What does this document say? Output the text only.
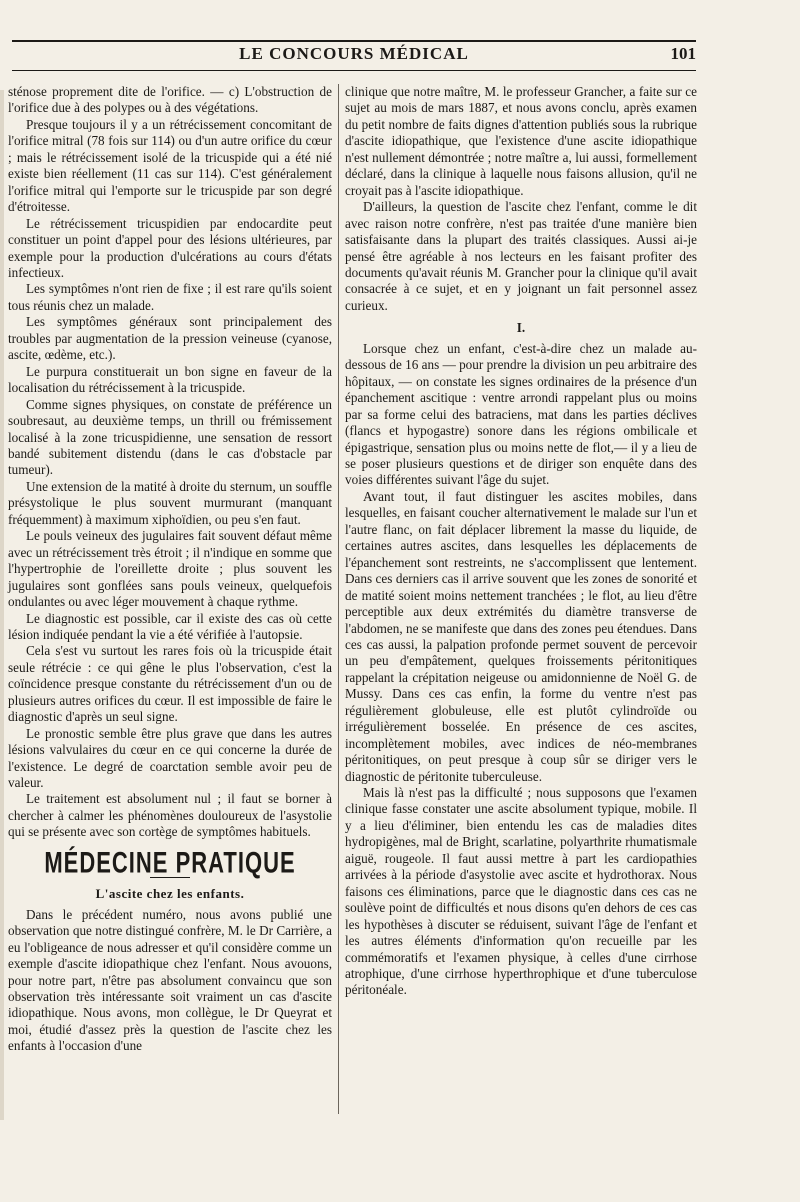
LE CONCOURS MÉDICAL	101

sténose proprement dite de l'orifice. — c) L'obstruction de l'orifice due à des polypes ou à des végétations.

Presque toujours il y a un rétrécissement concomitant de l'orifice mitral (78 fois sur 114) ou d'un autre orifice du cœur ; mais le rétrécissement isolé de la tricuspide qui a été nié existe bien réellement (11 cas sur 114). C'est généralement l'orifice mitral qui l'emporte sur le tricuspide par son degré d'étroitesse.

Le rétrécissement tricuspidien par endocardite peut constituer un point d'appel pour des lésions ultérieures, par exemple pour la production d'ulcérations au cours d'états infectieux.

Les symptômes n'ont rien de fixe ; il est rare qu'ils soient tous réunis chez un malade.

Les symptômes généraux sont principalement des troubles par augmentation de la pression veineuse (cyanose, ascite, œdème, etc.).

Le purpura constituerait un bon signe en faveur de la localisation du rétrécissement à la tricuspide.

Comme signes physiques, on constate de préférence un soubresaut, au deuxième temps, un thrill ou frémissement localisé à la zone tricuspidienne, une sensation de ressort bandé subitement distendu (dans le cas d'obstacle par tumeur).

Une extension de la matité à droite du sternum, un souffle présystolique le plus souvent murmurant (manquant fréquemment) à maximum xiphoïdien, ou peu s'en faut.

Le pouls veineux des jugulaires fait souvent défaut même avec un rétrécissement très étroit ; il n'indique en somme que l'hypertrophie de l'oreillette droite ; plus souvent les jugulaires sont gonflées sans pouls veineux, quelquefois ondulantes ou avec léger mouvement à chaque rythme.

Le diagnostic est possible, car il existe des cas où cette lésion indiquée pendant la vie a été vérifiée à l'autopsie.

Cela s'est vu surtout les rares fois où la tricuspide était seule rétrécie : ce qui gêne le plus l'observation, c'est la coïncidence presque constante du rétrécissement d'un ou de plusieurs autres orifices du cœur. Il est impossible de faire le diagnostic d'après un seul signe.

Le pronostic semble être plus grave que dans les autres lésions valvulaires du cœur en ce qui concerne la durée de l'existence. Le degré de coarctation semble avoir peu de valeur.

Le traitement est absolument nul ; il faut se borner à chercher à calmer les phénomènes douloureux de l'asystolie qui se présente avec son cortège de symptômes habituels.

MÉDECINE PRATIQUE
L'ascite chez les enfants.

Dans le précédent numéro, nous avons publié une observation que notre distingué confrère, M. le Dr Carrière, a eu l'obligeance de nous adresser et qu'il considère comme un exemple d'ascite idiopathique chez l'enfant. Nous avouons, pour notre part, n'être pas absolument convaincu que son observation très intéressante soit vraiment un cas d'ascite idiopathique. Nous avons, mon collègue, le Dr Queyrat et moi, étudié d'assez près la question de l'ascite chez les enfants à l'occasion d'une

clinique que notre maître, M. le professeur Grancher, a faite sur ce sujet au mois de mars 1887, et nous avons conclu, après examen du petit nombre de faits dignes d'attention publiés sous la rubrique d'ascite idiopathique, que l'existence d'une ascite idiopathique n'est nullement démontrée ; notre maître a, lui aussi, formellement déclaré, dans la clinique à laquelle nous faisons allusion, qu'il ne croyait pas à l'ascite idiopathique.

D'ailleurs, la question de l'ascite chez l'enfant, comme le dit avec raison notre confrère, n'est pas traitée d'une manière bien satisfaisante dans la plupart des traités classiques. Aussi ai-je pensé être agréable à nos lecteurs en les faisant profiter des documents qu'avait réunis M. Grancher pour la clinique qu'il avait consacrée à ce sujet, et en y joignant un fait personnel assez curieux.

I.

Lorsque chez un enfant, c'est-à-dire chez un malade au-dessous de 16 ans — pour prendre la division un peu arbitraire des hôpitaux, — on constate les signes ordinaires de la présence d'un épanchement ascitique : ventre arrondi rappelant plus ou moins par sa forme celui des batraciens, mat dans les parties déclives (flancs et hypogastre) sonore dans les régions ombilicale et épigastrique, sensation plus ou moins nette de flot,— il y a lieu de se poser plusieurs questions et de diriger son enquête dans des voies différentes suivant l'âge du sujet.

Avant tout, il faut distinguer les ascites mobiles, dans lesquelles, en faisant coucher alternativement le malade sur l'un et l'autre flanc, on fait déplacer librement la masse du liquide, de certaines autres ascites, dans lesquelles les déplacements de l'épanchement sont restreints, ne s'accomplissent que lentement. Dans ces derniers cas il arrive souvent que les zones de sonorité et de matité soient moins nettement tranchées ; le flot, au lieu d'être perceptible aux deux extrémités du diamètre transverse de l'abdomen, ne se manifeste que dans des zones peu étendues. Dans ces cas aussi, la palpation profonde permet souvent de percevoir un peu d'empâtement, quelques froissements péritonitiques rappelant la crépitation neigeuse ou amidonnienne de Noël G. de Mussy. Dans ces cas enfin, la forme du ventre n'est pas régulièrement globuleuse, elle est plutôt cylindroïde ou irrégulièrement bosselée. En présence de ces ascites, incomplètement mobiles, avec indices de néo-membranes péritonitiques, on peut presque à coup sûr se diriger vers le diagnostic de péritonite tuberculeuse.

Mais là n'est pas la difficulté ; nous supposons que l'examen clinique fasse constater une ascite absolument typique, mobile. Il y a lieu d'éliminer, bien entendu les cas de maladies dites hydropigènes, mal de Bright, scarlatine, polyarthrite rhumatismale aiguë, rougeole. Il faut aussi mettre à part les cardiopathies arrivées à la période d'asystolie avec ascite et hydrothorax. Nous faisons ces éliminations, parce que le diagnostic dans ces cas ne soulève point de difficultés et nous disons qu'en dehors de ces cas les hypothèses à discuter se réduisent, suivant l'âge de l'enfant et les autres éléments d'information qu'on recueille par les commémoratifs et l'examen physique, à celles d'une cirrhose atrophique, d'une cirrhose hyperthrophique et d'une tuberculose péritonéale.
